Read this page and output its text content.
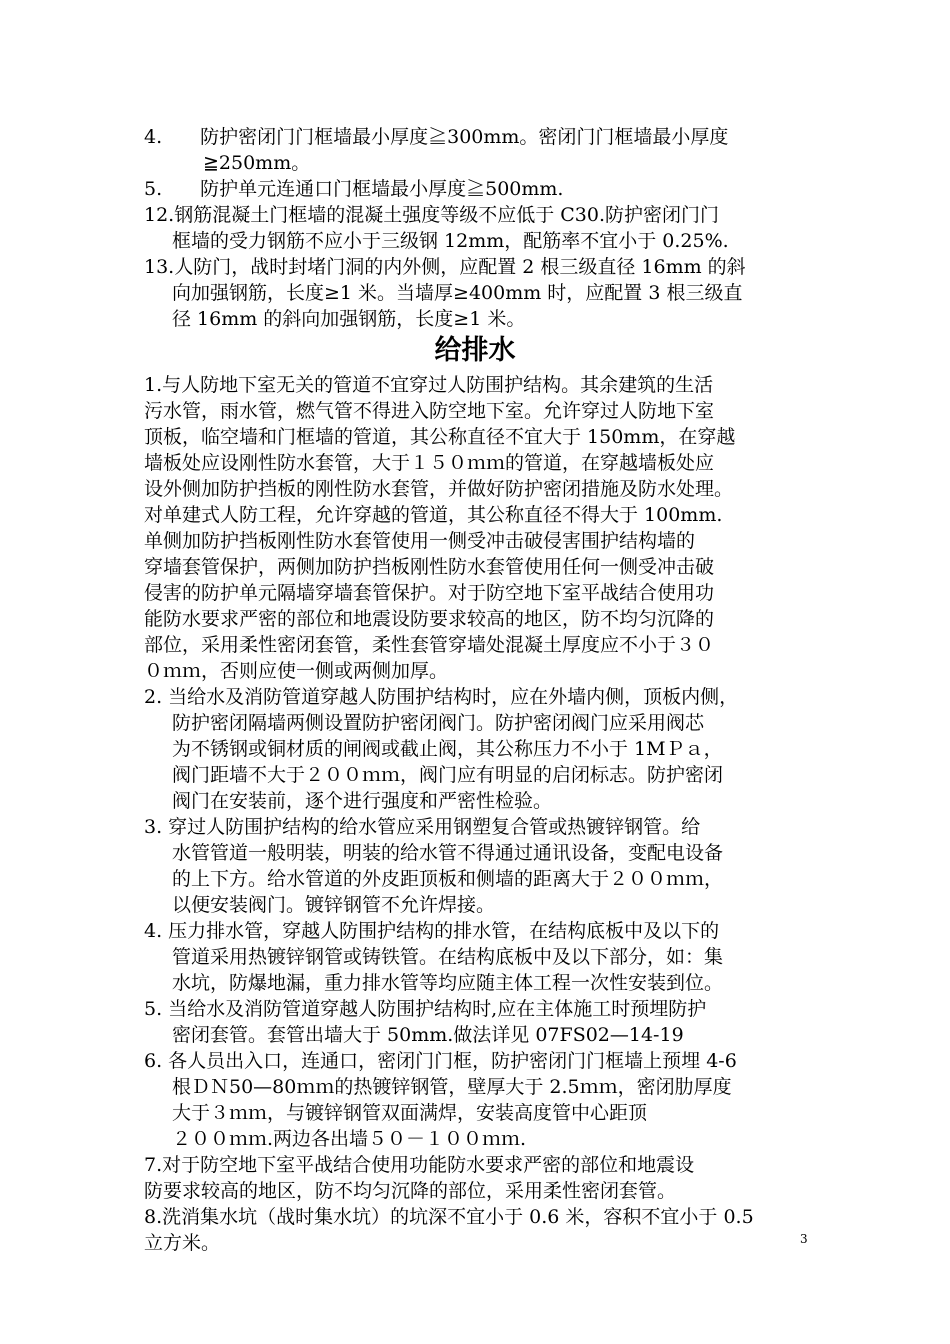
4.　　防护密闭门门框墙最小厚度≧300mm。密闭门门框墙最小厚度
≧250mm。
5.　　防护单元连通口门框墙最小厚度≧500mm.
12.钢筋混凝土门框墙的混凝土强度等级不应低于 C30.防护密闭门门
框墙的受力钢筋不应小于三级钢 12mm，配筋率不宜小于 0.25%.
13.人防门，战时封堵门洞的内外侧，应配置 2 根三级直径 16mm 的斜
向加强钢筋，长度≥1 米。当墙厚≥400mm 时，应配置 3 根三级直
径 16mm 的斜向加强钢筋，长度≥1 米。
给排水
1.与人防地下室无关的管道不宜穿过人防围护结构。其余建筑的生活
污水管，雨水管，燃气管不得进入防空地下室。允许穿过人防地下室
顶板，临空墙和门框墙的管道，其公称直径不宜大于 150mm，在穿越
墙板处应设刚性防水套管，大于１５０ｍｍ的管道，在穿越墙板处应
设外侧加防护挡板的刚性防水套管，并做好防护密闭措施及防水处理。
对单建式人防工程，允许穿越的管道，其公称直径不得大于 100mm.
单侧加防护挡板刚性防水套管使用一侧受冲击破侵害围护结构墙的
穿墙套管保护，两侧加防护挡板刚性防水套管使用任何一侧受冲击破
侵害的防护单元隔墙穿墙套管保护。对于防空地下室平战结合使用功
能防水要求严密的部位和地震设防要求较高的地区，防不均匀沉降的
部位，采用柔性密闭套管，柔性套管穿墙处混凝土厚度应不小于３０
０ｍｍ，否则应使一侧或两侧加厚。
2. 当给水及消防管道穿越人防围护结构时，应在外墙内侧，顶板内侧，
防护密闭隔墙两侧设置防护密闭阀门。防护密闭阀门应采用阀芯
为不锈钢或铜材质的闸阀或截止阀，其公称压力不小于 1MＰａ，
阀门距墙不大于２００ｍｍ，阀门应有明显的启闭标志。防护密闭
阀门在安装前，逐个进行强度和严密性检验。
3. 穿过人防围护结构的给水管应采用钢塑复合管或热镀锌钢管。给
水管管道一般明装，明装的给水管不得通过通讯设备，变配电设备
的上下方。给水管道的外皮距顶板和侧墙的距离大于２００ｍｍ，
以便安装阀门。镀锌钢管不允许焊接。
4. 压力排水管，穿越人防围护结构的排水管，在结构底板中及以下的
管道采用热镀锌钢管或铸铁管。在结构底板中及以下部分，如：集
水坑，防爆地漏，重力排水管等均应随主体工程一次性安装到位。
5. 当给水及消防管道穿越人防围护结构时,应在主体施工时预埋防护
密闭套管。套管出墙大于 50mm.做法详见 07FS02—14-19
6. 各人员出入口，连通口，密闭门门框，防护密闭门门框墙上预埋 4-6
根ＤＮ50—80ｍｍ的热镀锌钢管，壁厚大于 2.5ｍｍ，密闭肋厚度
大于３ｍｍ，与镀锌钢管双面满焊，安装高度管中心距顶
２００ｍｍ.两边各出墙５０－１００ｍｍ.
7.对于防空地下室平战结合使用功能防水要求严密的部位和地震设
防要求较高的地区，防不均匀沉降的部位，采用柔性密闭套管。
8.洗消集水坑（战时集水坑）的坑深不宜小于 0.6 米，容积不宜小于 0.5
立方米。	3
